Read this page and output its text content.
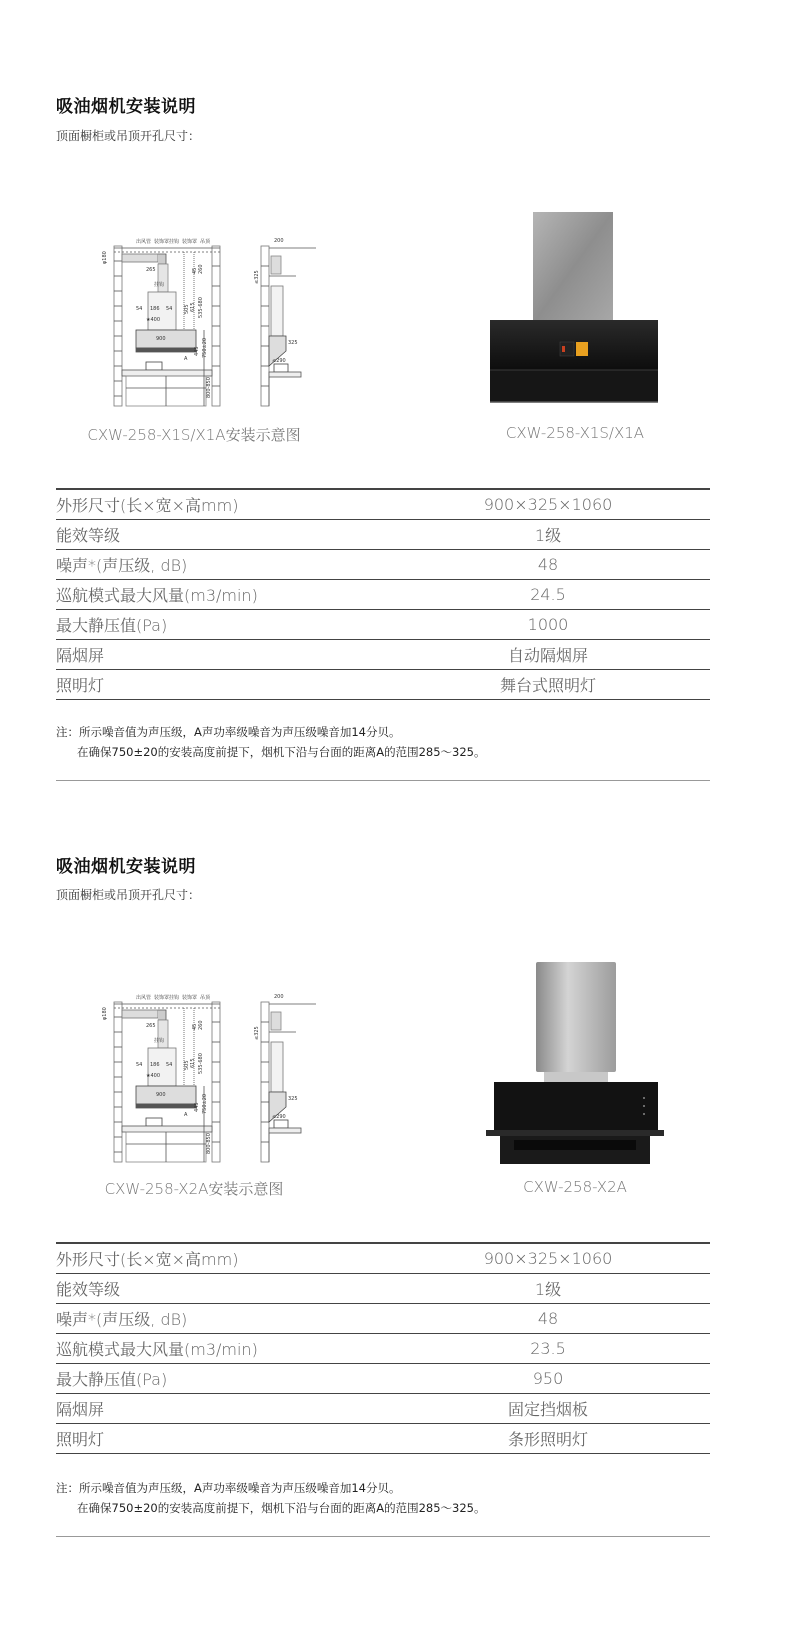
吸油烟机安装说明
顶面橱柜或吊顶开孔尺寸：
出风管 装饰罩挂钩 装饰罩 吊顶
挂钩
φ180
200
265
≤325
54 186 54
★400
900
505 615 535-680
45 260
445 750±20
A
325
≤290
800-850
CXW-258-X1S/X1A安装示意图	CXW-258-X1S/X1A
外形尺寸(长×宽×高mm)	900×325×1060
能效等级	1级
噪声*(声压级, dB)	48
巡航模式最大风量(m3/min)	24.5
最大静压值(Pa)	1000
隔烟屏	自动隔烟屏
照明灯	舞台式照明灯
注：所示噪音值为声压级，A声功率级噪音为声压级噪音加14分贝。
在确保750±20的安装高度前提下，烟机下沿与台面的距离A的范围285～325。
吸油烟机安装说明
顶面橱柜或吊顶开孔尺寸：
出风管 装饰罩挂钩 装饰罩 吊顶
挂钩
φ180
200
265
≤325
54 186 54
★400
900
505 615 535-680
45 260
445 750±20
A
325
≤290
800-850
CXW-258-X2A安装示意图	CXW-258-X2A
外形尺寸(长×宽×高mm)	900×325×1060
能效等级	1级
噪声*(声压级, dB)	48
巡航模式最大风量(m3/min)	23.5
最大静压值(Pa)	950
隔烟屏	固定挡烟板
照明灯	条形照明灯
注：所示噪音值为声压级，A声功率级噪音为声压级噪音加14分贝。
在确保750±20的安装高度前提下，烟机下沿与台面的距离A的范围285～325。
